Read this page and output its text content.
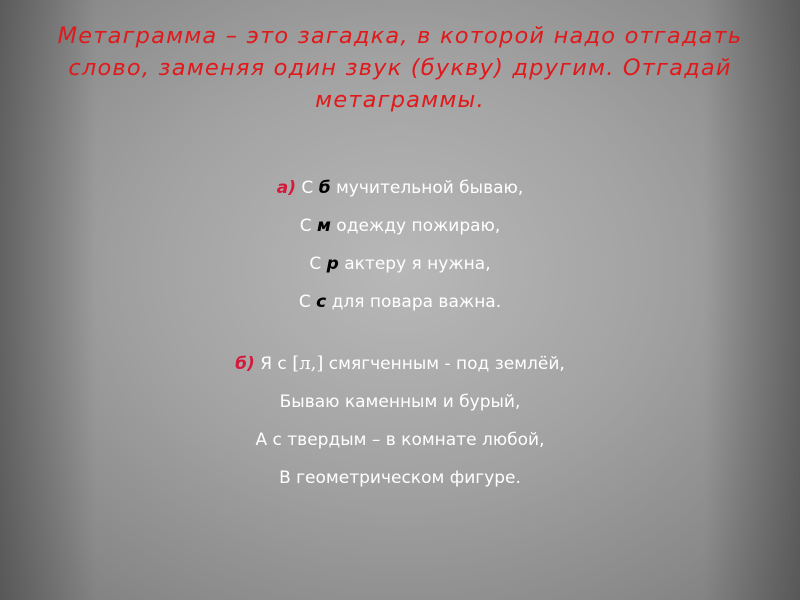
Метаграмма – это загадка, в которой надо отгадать слово, заменяя один звук (букву) другим. Отгадай метаграммы.
а) С б мучительной бываю,
С м одежду пожираю,
С р актеру я нужна,
С с для повара важна.
б) Я с [л,] смягченным - под землёй,
Бываю каменным и бурый,
А с твердым – в комнате любой,
В геометрическом фигуре.
